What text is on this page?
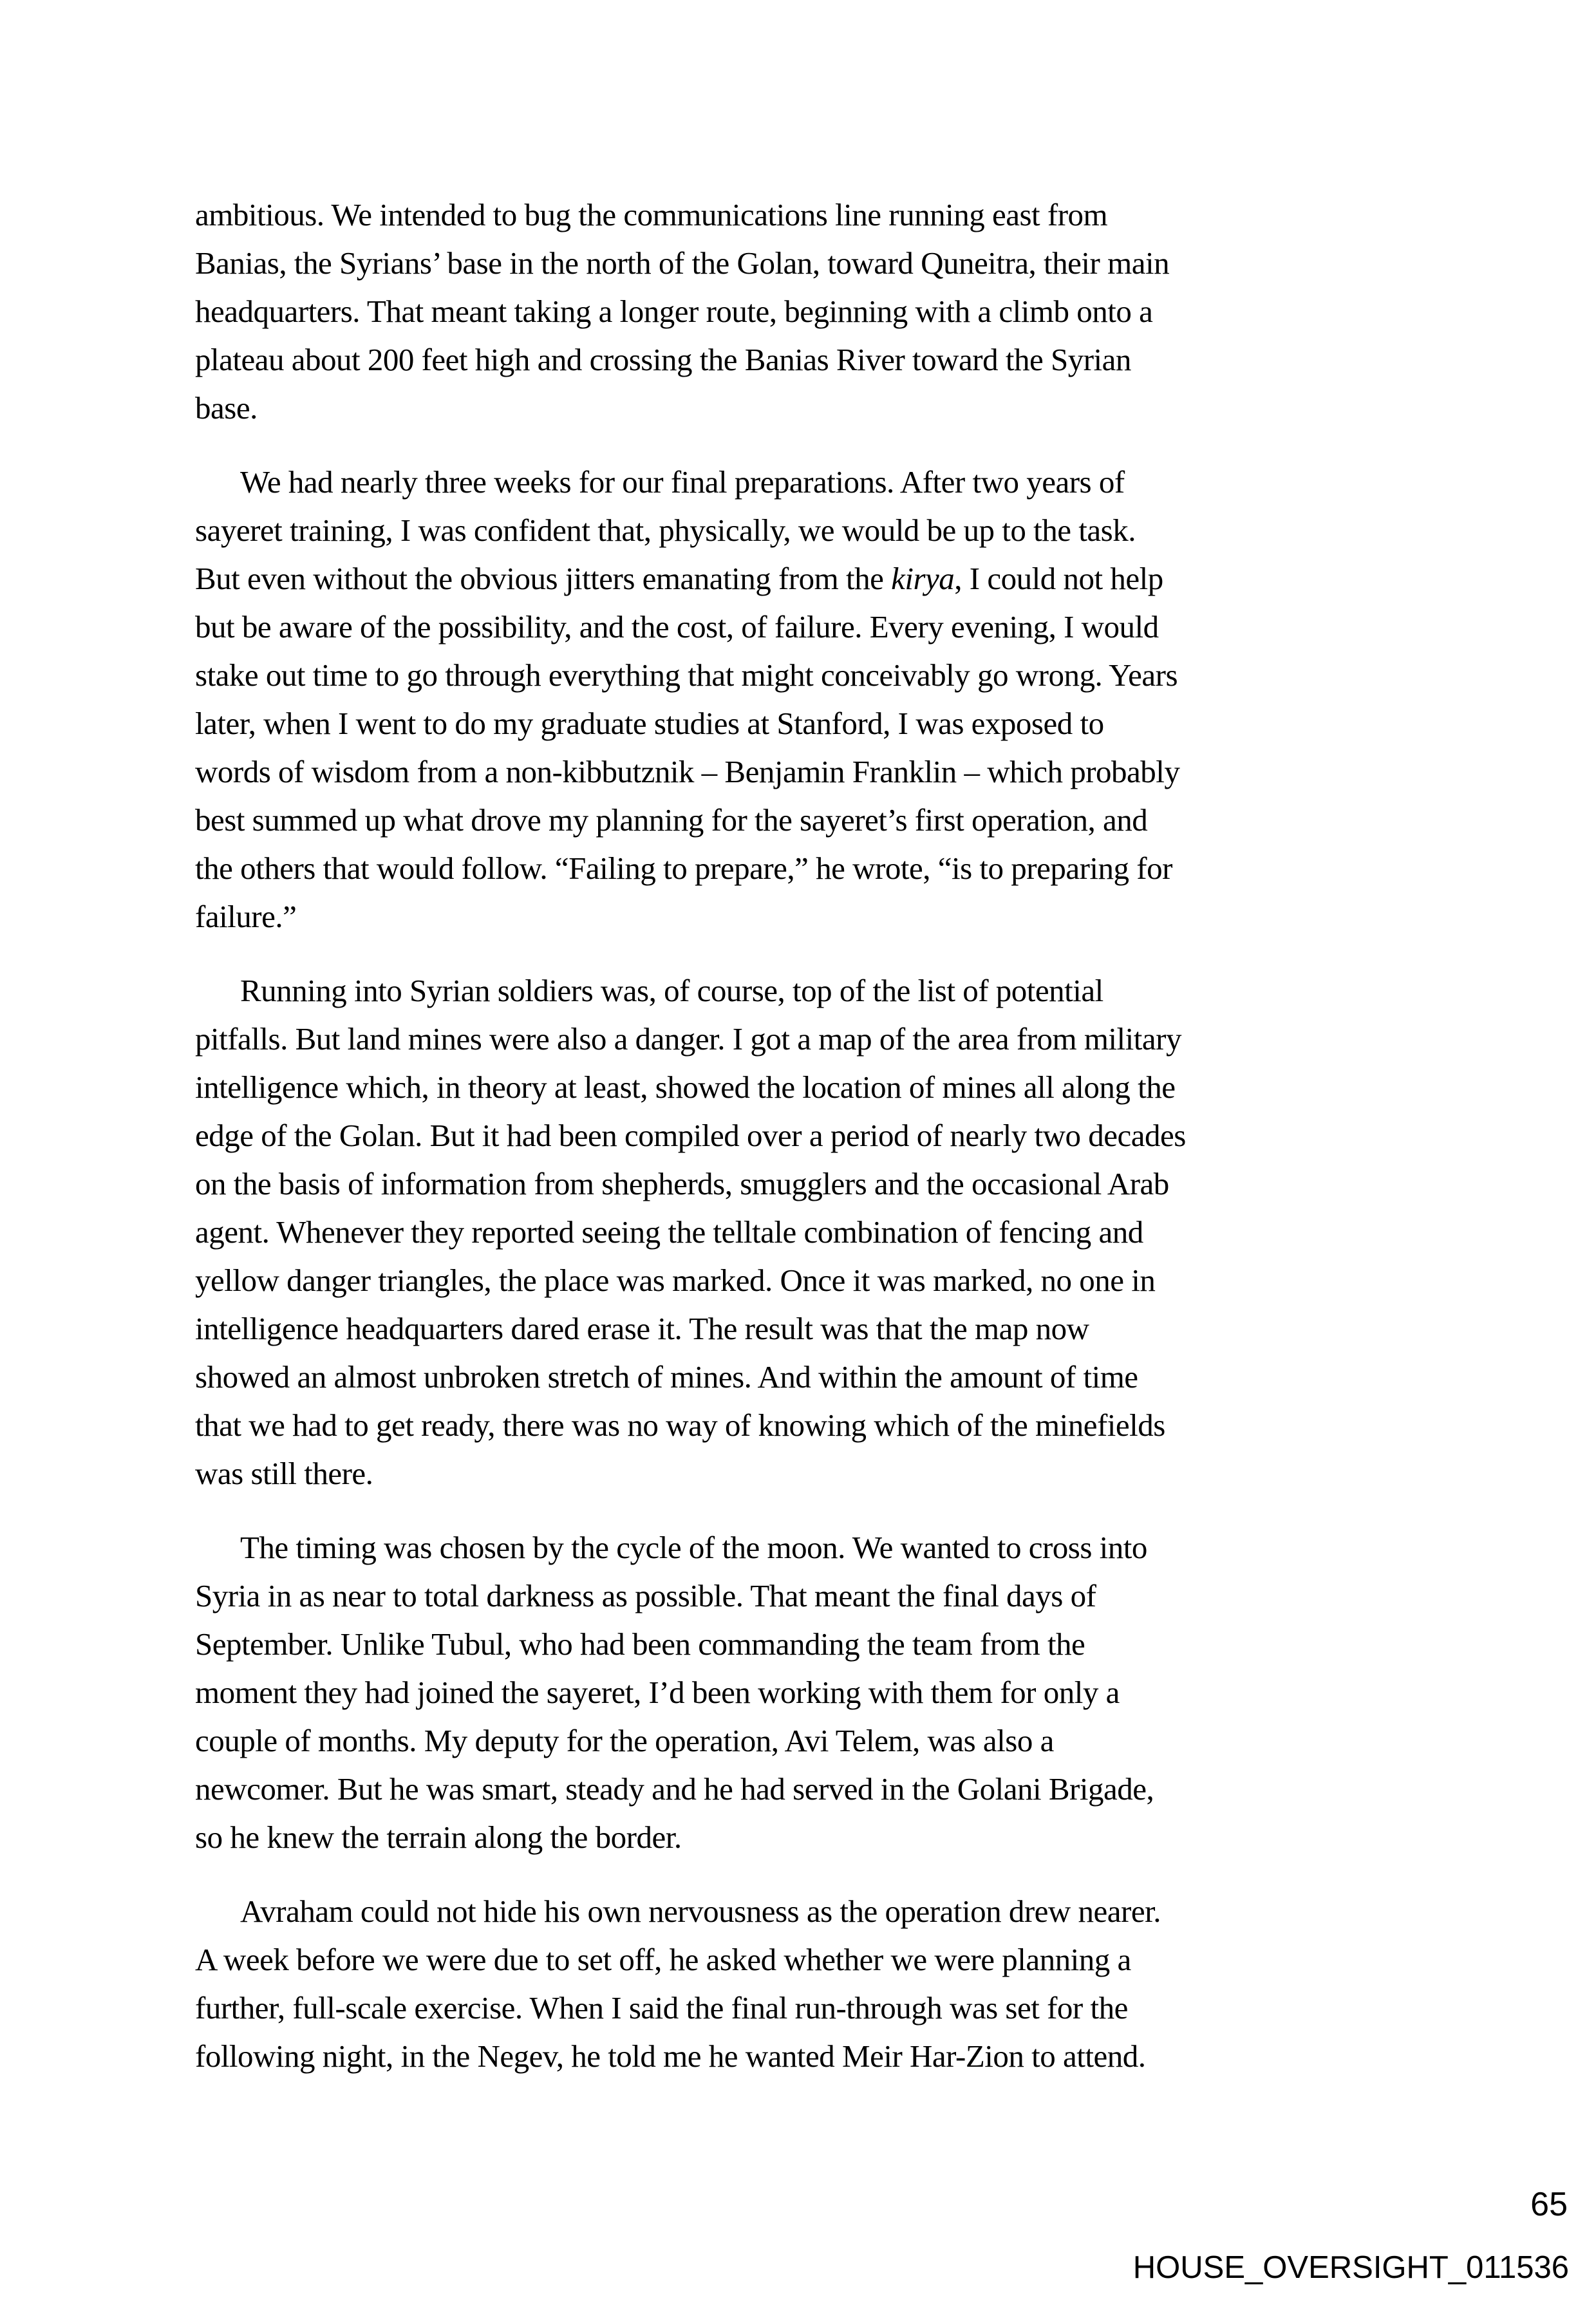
ambitious. We intended to bug the communications line running east from
Banias, the Syrians’ base in the north of the Golan, toward Quneitra, their main
headquarters. That meant taking a longer route, beginning with a climb onto a
plateau about 200 feet high and crossing the Banias River toward the Syrian
base.

We had nearly three weeks for our final preparations. After two years of
sayeret training, I was confident that, physically, we would be up to the task.
But even without the obvious jitters emanating from the kirya, I could not help
but be aware of the possibility, and the cost, of failure. Every evening, I would
stake out time to go through everything that might conceivably go wrong. Years
later, when I went to do my graduate studies at Stanford, I was exposed to
words of wisdom from a non-kibbutznik – Benjamin Franklin – which probably
best summed up what drove my planning for the sayeret’s first operation, and
the others that would follow. “Failing to prepare,” he wrote, “is to preparing for
failure.”

Running into Syrian soldiers was, of course, top of the list of potential
pitfalls. But land mines were also a danger. I got a map of the area from military
intelligence which, in theory at least, showed the location of mines all along the
edge of the Golan. But it had been compiled over a period of nearly two decades
on the basis of information from shepherds, smugglers and the occasional Arab
agent. Whenever they reported seeing the telltale combination of fencing and
yellow danger triangles, the place was marked. Once it was marked, no one in
intelligence headquarters dared erase it. The result was that the map now
showed an almost unbroken stretch of mines. And within the amount of time
that we had to get ready, there was no way of knowing which of the minefields
was still there.

The timing was chosen by the cycle of the moon. We wanted to cross into
Syria in as near to total darkness as possible. That meant the final days of
September. Unlike Tubul, who had been commanding the team from the
moment they had joined the sayeret, I’d been working with them for only a
couple of months. My deputy for the operation, Avi Telem, was also a
newcomer. But he was smart, steady and he had served in the Golani Brigade,
so he knew the terrain along the border.

Avraham could not hide his own nervousness as the operation drew nearer.
A week before we were due to set off, he asked whether we were planning a
further, full-scale exercise. When I said the final run-through was set for the
following night, in the Negev, he told me he wanted Meir Har-Zion to attend.

65
HOUSE_OVERSIGHT_011536
